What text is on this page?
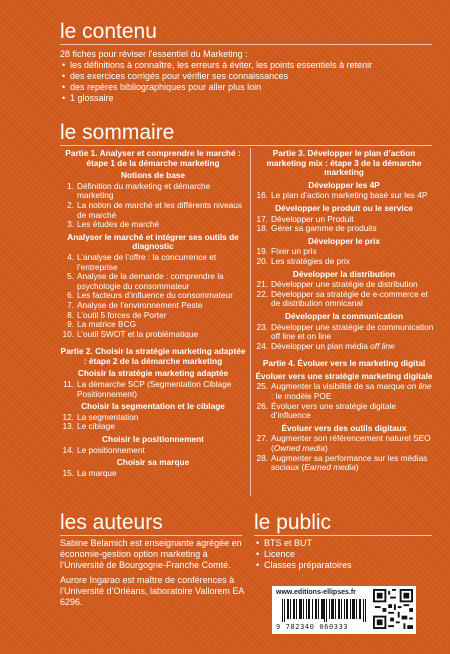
le contenu
28 fiches pour réviser l’essentiel du Marketing :
• les définitions à connaître, les erreurs à éviter, les points essentiels à retenir
• des exercices corrigés pour vérifier ses connaissances
• des repères bibliographiques pour aller plus loin
• 1 glossaire
le sommaire
Partie 1. Analyser et comprendre le marché : étape 1 de la démarche marketing
Notions de base
1. Définition du marketing et démarche marketing
2. La notion de marché et les différents niveaux de marché
3. Les études de marché
Analyser le marché et intégrer ses outils de diagnostic
4. L’analyse de l’offre : la concurrence et l’entreprise
5. Analyse de la demande : comprendre la psychologie du consommateur
6. Les facteurs d’influence du consommateur
7. Analyse de l’environnement Peste
8. L’outil 5 forces de Porter
9. La matrice BCG
10. L’outil SWOT et la problématique
Partie 2. Choisir la stratégie marketing adaptée : étape 2 de la démarche marketing
Choisir la stratégie marketing adaptée
11. La démarche SCP (Segmentation Ciblage Positionnement)
Choisir la segmentation et le ciblage
12. La segmentation
13. Le ciblage
Choisir le positionnement
14. Le positionnement
Choisir sa marque
15. La marque
Partie 3. Développer le plan d’action marketing mix : étape 3 de la démarche marketing
Développer les 4P
16. Le plan d’action marketing basé sur les 4P
Développer le produit ou le service
17. Développer un Produit
18. Gérer sa gamme de produits
Développer le prix
19. Fixer un prix
20. Les stratégies de prix
Développer la distribution
21. Développer une stratégie de distribution
22. Développer sa stratégie de e-commerce et de distribution omnicanal
Développer la communication
23. Développer une stratégie de communication off line et on line
24. Développer un plan média off line
Partie 4. Évoluer vers le marketing digital
Évoluer vers une stratégie marketing digitale
25. Augmenter la visibilité de sa marque on line : le modèle POE
26. Évoluer vers une stratégie digitale d’influence
Évoluer vers des outils digitaux
27. Augmenter son référencement naturel SEO (Owned media)
28. Augmenter sa performance sur les médias sociaux (Earned media)
les auteurs
Sabine Belamich est enseignante agrégée en économie-gestion option marketing à l’Université de Bourgogne-Franche Comté.
Aurore Ingarao est maître de conférences à l’Université d’Orléans, laboratoire Vallorem EA 6296.
le public
• BTS et BUT
• Licence
• Classes préparatoires
www.editions-ellipses.fr
9 782340 060333
